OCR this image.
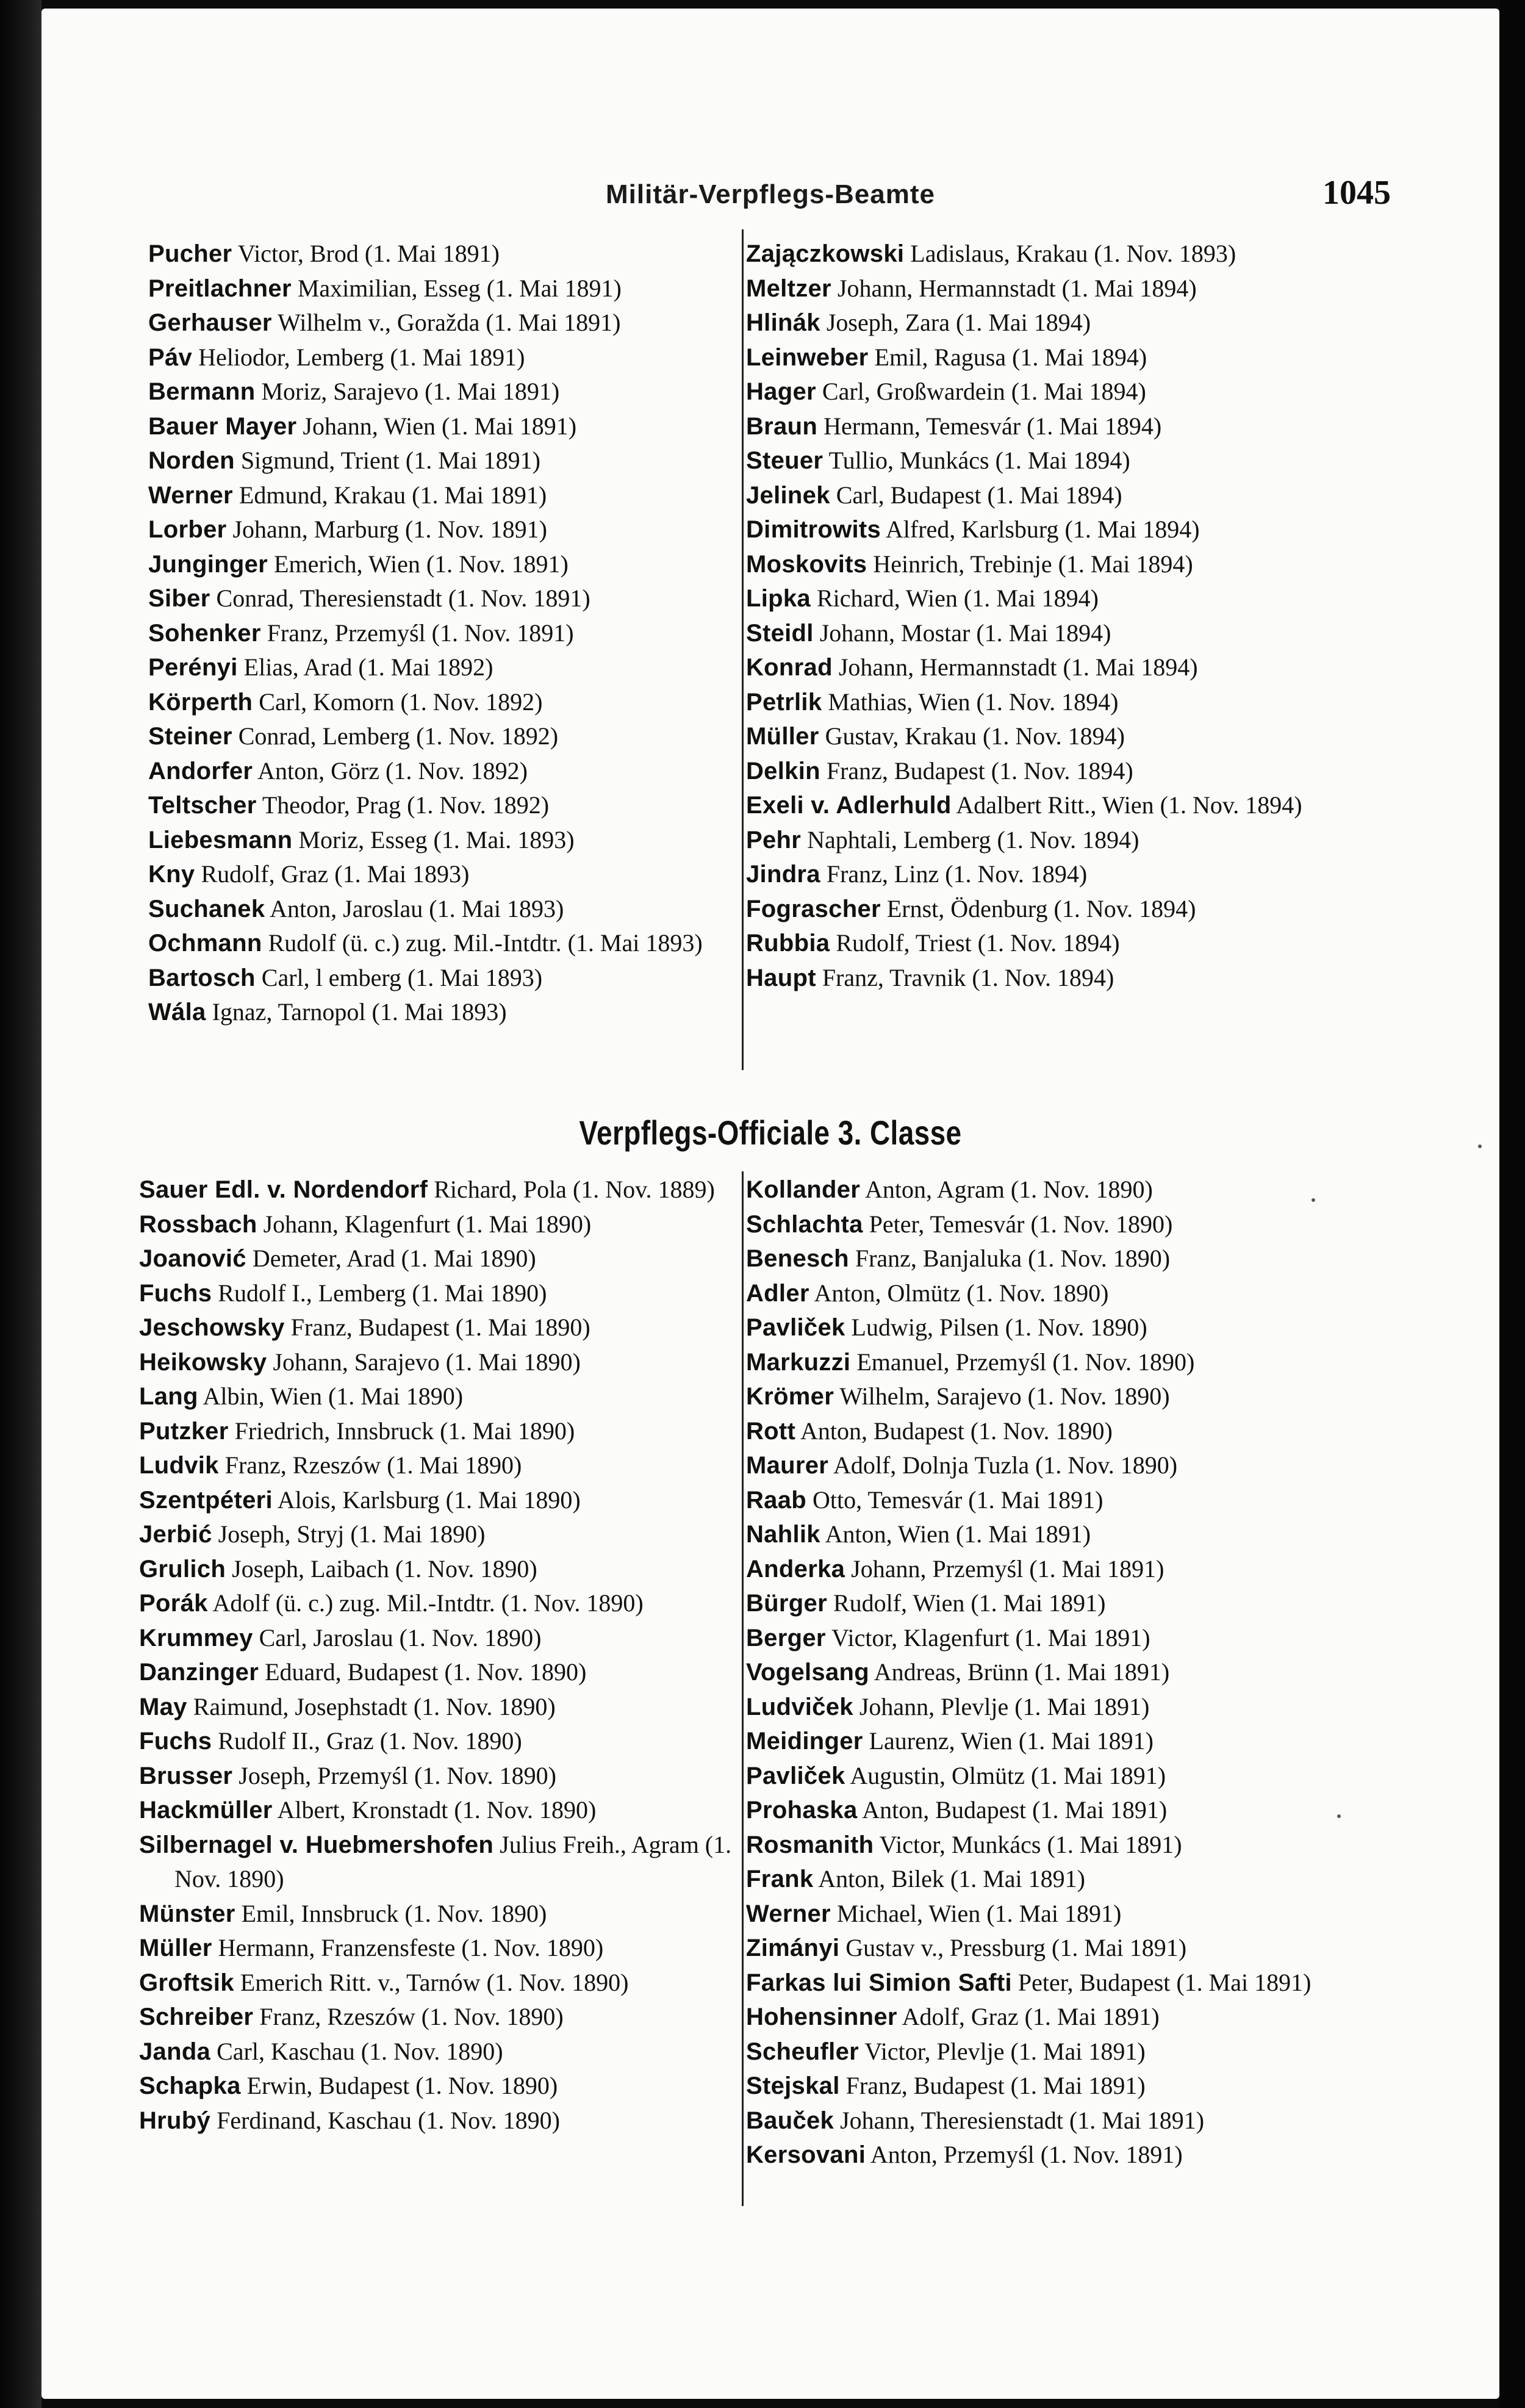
Militär-Verpflegs-Beamte	1045
Pucher Victor, Brod (1. Mai 1891)
Preitlachner Maximilian, Esseg (1. Mai 1891)
Gerhauser Wilhelm v., Goražda (1. Mai 1891)
Páv Heliodor, Lemberg (1. Mai 1891)
Bermann Moriz, Sarajevo (1. Mai 1891)
Bauer Mayer Johann, Wien (1. Mai 1891)
Norden Sigmund, Trient (1. Mai 1891)
Werner Edmund, Krakau (1. Mai 1891)
Lorber Johann, Marburg (1. Nov. 1891)
Junginger Emerich, Wien (1. Nov. 1891)
Siber Conrad, Theresienstadt (1. Nov. 1891)
Sohenker Franz, Przemyśl (1. Nov. 1891)
Perényi Elias, Arad (1. Mai 1892)
Körperth Carl, Komorn (1. Nov. 1892)
Steiner Conrad, Lemberg (1. Nov. 1892)
Andorfer Anton, Görz (1. Nov. 1892)
Teltscher Theodor, Prag (1. Nov. 1892)
Liebesmann Moriz, Esseg (1. Mai. 1893)
Kny Rudolf, Graz (1. Mai 1893)
Suchanek Anton, Jaroslau (1. Mai 1893)
Ochmann Rudolf (ü. c.) zug. Mil.-Intdtr. (1. Mai 1893)
Bartosch Carl, l emberg (1. Mai 1893)
Wála Ignaz, Tarnopol (1. Mai 1893)
Zajączkowski Ladislaus, Krakau (1. Nov. 1893)
Meltzer Johann, Hermannstadt (1. Mai 1894)
Hlinák Joseph, Zara (1. Mai 1894)
Leinweber Emil, Ragusa (1. Mai 1894)
Hager Carl, Großwardein (1. Mai 1894)
Braun Hermann, Temesvár (1. Mai 1894)
Steuer Tullio, Munkács (1. Mai 1894)
Jelinek Carl, Budapest (1. Mai 1894)
Dimitrowits Alfred, Karlsburg (1. Mai 1894)
Moskovits Heinrich, Trebinje (1. Mai 1894)
Lipka Richard, Wien (1. Mai 1894)
Steidl Johann, Mostar (1. Mai 1894)
Konrad Johann, Hermannstadt (1. Mai 1894)
Petrlik Mathias, Wien (1. Nov. 1894)
Müller Gustav, Krakau (1. Nov. 1894)
Delkin Franz, Budapest (1. Nov. 1894)
Exeli v. Adlerhuld Adalbert Ritt., Wien (1. Nov. 1894)
Pehr Naphtali, Lemberg (1. Nov. 1894)
Jindra Franz, Linz (1. Nov. 1894)
Fograscher Ernst, Ödenburg (1. Nov. 1894)
Rubbia Rudolf, Triest (1. Nov. 1894)
Haupt Franz, Travnik (1. Nov. 1894)
Verpflegs-Officiale 3. Classe
Sauer Edl. v. Nordendorf Richard, Pola (1. Nov. 1889)
Rossbach Johann, Klagenfurt (1. Mai 1890)
Joanović Demeter, Arad (1. Mai 1890)
Fuchs Rudolf I., Lemberg (1. Mai 1890)
Jeschowsky Franz, Budapest (1. Mai 1890)
Heikowsky Johann, Sarajevo (1. Mai 1890)
Lang Albin, Wien (1. Mai 1890)
Putzker Friedrich, Innsbruck (1. Mai 1890)
Ludvik Franz, Rzeszów (1. Mai 1890)
Szentpéteri Alois, Karlsburg (1. Mai 1890)
Jerbić Joseph, Stryj (1. Mai 1890)
Grulich Joseph, Laibach (1. Nov. 1890)
Porák Adolf (ü. c.) zug. Mil.-Intdtr. (1. Nov. 1890)
Krummey Carl, Jaroslau (1. Nov. 1890)
Danzinger Eduard, Budapest (1. Nov. 1890)
May Raimund, Josephstadt (1. Nov. 1890)
Fuchs Rudolf II., Graz (1. Nov. 1890)
Brusser Joseph, Przemyśl (1. Nov. 1890)
Hackmüller Albert, Kronstadt (1. Nov. 1890)
Silbernagel v. Huebmershofen Julius Freih., Agram (1. Nov. 1890)
Münster Emil, Innsbruck (1. Nov. 1890)
Müller Hermann, Franzensfeste (1. Nov. 1890)
Groftsik Emerich Ritt. v., Tarnów (1. Nov. 1890)
Schreiber Franz, Rzeszów (1. Nov. 1890)
Janda Carl, Kaschau (1. Nov. 1890)
Schapka Erwin, Budapest (1. Nov. 1890)
Hrubý Ferdinand, Kaschau (1. Nov. 1890)
Kollander Anton, Agram (1. Nov. 1890)
Schlachta Peter, Temesvár (1. Nov. 1890)
Benesch Franz, Banjaluka (1. Nov. 1890)
Adler Anton, Olmütz (1. Nov. 1890)
Pavliček Ludwig, Pilsen (1. Nov. 1890)
Markuzzi Emanuel, Przemyśl (1. Nov. 1890)
Krömer Wilhelm, Sarajevo (1. Nov. 1890)
Rott Anton, Budapest (1. Nov. 1890)
Maurer Adolf, Dolnja Tuzla (1. Nov. 1890)
Raab Otto, Temesvár (1. Mai 1891)
Nahlik Anton, Wien (1. Mai 1891)
Anderka Johann, Przemyśl (1. Mai 1891)
Bürger Rudolf, Wien (1. Mai 1891)
Berger Victor, Klagenfurt (1. Mai 1891)
Vogelsang Andreas, Brünn (1. Mai 1891)
Ludviček Johann, Plevlje (1. Mai 1891)
Meidinger Laurenz, Wien (1. Mai 1891)
Pavliček Augustin, Olmütz (1. Mai 1891)
Prohaska Anton, Budapest (1. Mai 1891)
Rosmanith Victor, Munkács (1. Mai 1891)
Frank Anton, Bilek (1. Mai 1891)
Werner Michael, Wien (1. Mai 1891)
Zimányi Gustav v., Pressburg (1. Mai 1891)
Farkas lui Simion Safti Peter, Budapest (1. Mai 1891)
Hohensinner Adolf, Graz (1. Mai 1891)
Scheufler Victor, Plevlje (1. Mai 1891)
Stejskal Franz, Budapest (1. Mai 1891)
Bauček Johann, Theresienstadt (1. Mai 1891)
Kersovani Anton, Przemyśl (1. Nov. 1891)
